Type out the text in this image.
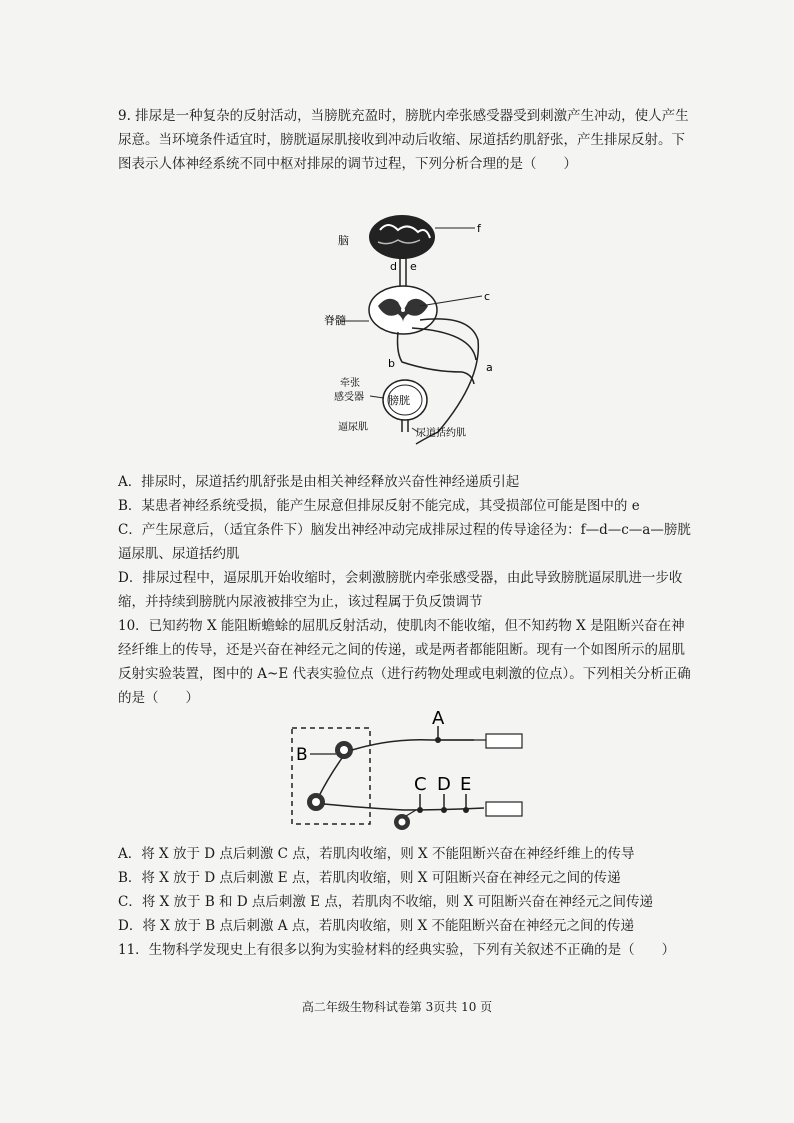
9. 排尿是一种复杂的反射活动，当膀胱充盈时，膀胱内牵张感受器受到刺激产生冲动，使人产生尿意。当环境条件适宜时，膀胱逼尿肌接收到冲动后收缩、尿道括约肌舒张，产生排尿反射。下图表示人体神经系统不同中枢对排尿的调节过程，下列分析合理的是（　　）

脑
f
d e
脊髓
c
a
b
膀胱
牵张
感受器
逼尿肌
尿道括约肌

A．排尿时，尿道括约肌舒张是由相关神经释放兴奋性神经递质引起

B．某患者神经系统受损，能产生尿意但排尿反射不能完成，其受损部位可能是图中的 e

C．产生尿意后，（适宜条件下）脑发出神经冲动完成排尿过程的传导途径为：f—d—c—a—膀胱逼尿肌、尿道括约肌

D．排尿过程中，逼尿肌开始收缩时，会刺激膀胱内牵张感受器，由此导致膀胱逼尿肌进一步收缩，并持续到膀胱内尿液被排空为止，该过程属于负反馈调节

10．已知药物 X 能阻断蟾蜍的屈肌反射活动，使肌肉不能收缩，但不知药物 X 是阻断兴奋在神经纤维上的传导，还是兴奋在神经元之间的传递，或是两者都能阻断。现有一个如图所示的屈肌反射实验装置，图中的 A~E 代表实验位点（进行药物处理或电刺激的位点）。下列相关分析正确的是（　　）

B
A
C D E

A．将 X 放于 D 点后刺激 C 点，若肌肉收缩，则 X 不能阻断兴奋在神经纤维上的传导

B．将 X 放于 D 点后刺激 E 点，若肌肉收缩，则 X 可阻断兴奋在神经元之间的传递

C．将 X 放于 B 和 D 点后刺激 E 点，若肌肉不收缩，则 X 可阻断兴奋在神经元之间传递

D．将 X 放于 B 点后刺激 A 点，若肌肉收缩，则 X 不能阻断兴奋在神经元之间的传递

11．生物科学发现史上有很多以狗为实验材料的经典实验，下列有关叙述不正确的是（　　）

高二年级生物科试卷第 3页共 10 页
